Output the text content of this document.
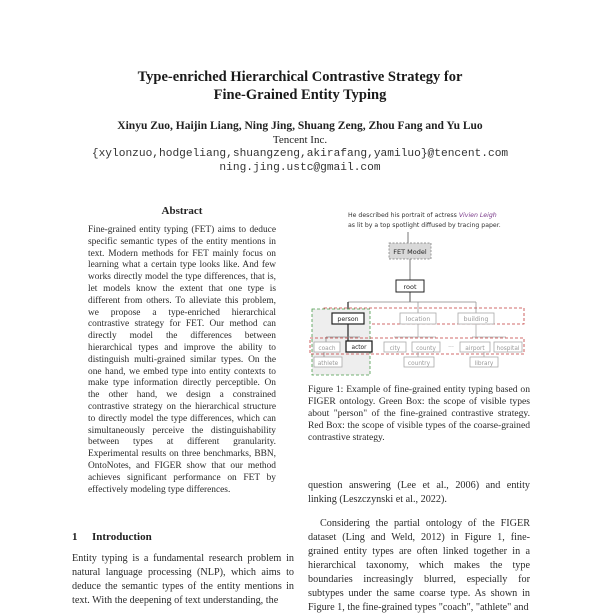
Type-enriched Hierarchical Contrastive Strategy for
Fine-Grained Entity Typing
Xinyu Zuo, Haijin Liang, Ning Jing, Shuang Zeng, Zhou Fang and Yu Luo
Tencent Inc.
{xylonzuo,hodgeliang,shuangzeng,akirafang,yamiluo}@tencent.com
ning.jing.ustc@gmail.com
Abstract
Fine-grained entity typing (FET) aims to deduce specific semantic types of the entity mentions in text. Modern methods for FET mainly focus on learning what a certain type looks like. And few works directly model the type differences, that is, let models know the extent that one type is different from others. To alleviate this problem, we propose a type-enriched hierarchical contrastive strategy for FET. Our method can directly model the differences between hierarchical types and improve the ability to distinguish multi-grained similar types. On the one hand, we embed type into entity contexts to make type information directly perceptible. On the other hand, we design a constrained contrastive strategy on the hierarchical structure to directly model the type differences, which can simultaneously perceive the distinguishability between types at different granularity. Experimental results on three benchmarks, BBN, OntoNotes, and FIGER show that our method achieves significant performance on FET by effectively modeling type differences.
1 Introduction
Entity typing is a fundamental research problem in natural language processing (NLP), which aims to deduce the semantic types of the entity mentions in text. With the deepening of text understanding, the
He described his portrait of actress Vivien Leigh
as lit by a top spotlight diffused by tracing paper.
FET Model
root
person	location	building
coach	actor
athlete
city	county
country
··· airport hospital
library
Figure 1: Example of fine-grained entity typing based on FIGER ontology. Green Box: the scope of visible types about "person" of the fine-grained contrastive strategy. Red Box: the scope of visible types of the coarse-grained contrastive strategy.
question answering (Lee et al., 2006) and entity linking (Leszczynski et al., 2022).
Considering the partial ontology of the FIGER dataset (Ling and Weld, 2012) in Figure 1, fine-grained entity types are often linked together in a hierarchical taxonomy, which makes the type boundaries increasingly blurred, especially for subtypes under the same coarse type. As shown in Figure 1, the fine-grained types "coach", "athlete" and
